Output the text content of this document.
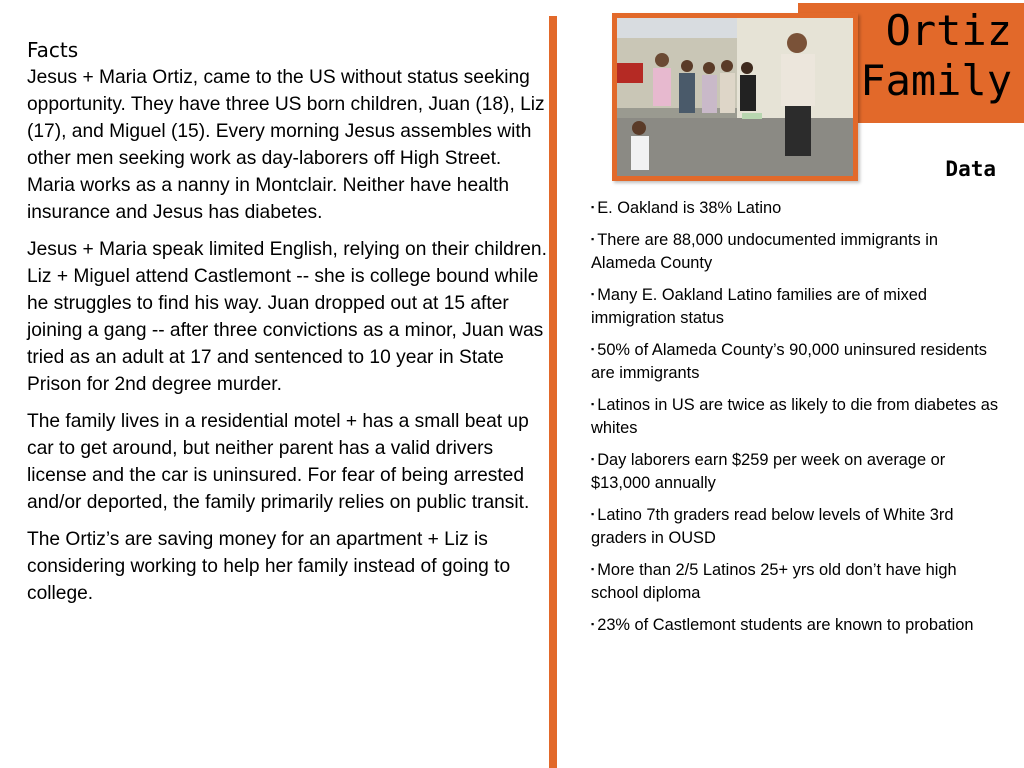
Facts

Jesus + Maria Ortiz, came to the US without status seeking opportunity. They have three US born children, Juan (18), Liz (17), and Miguel (15). Every morning Jesus assembles with other men seeking work as day-laborers off High Street. Maria works as a nanny in Montclair. Neither have health insurance and Jesus has diabetes.

Jesus + Maria speak limited English, relying on their children. Liz + Miguel attend Castlemont -- she is college bound while he struggles to find his way. Juan dropped out at 15 after joining a gang -- after three convictions as a minor, Juan was tried as an adult at 17 and sentenced to 10 year in State Prison for 2nd degree murder.

The family lives in a residential motel + has a small beat up car to get around, but neither parent has a valid drivers license and the car is uninsured. For fear of being arrested and/or deported, the family primarily relies on public transit.

The Ortiz’s are saving money for an apartment + Liz is considering working to help her family instead of going to college.

Ortiz
Family
Data
▪ E. Oakland is 38% Latino
▪ There are 88,000 undocumented immigrants in Alameda County
▪ Many E. Oakland Latino families are of mixed immigration status
▪ 50% of Alameda County’s 90,000 uninsured residents are immigrants
▪ Latinos in US are twice as likely to die from diabetes as whites
▪ Day laborers earn $259 per week on average or $13,000 annually
▪ Latino 7th graders read below levels of White 3rd graders in OUSD
▪ More than 2/5 Latinos 25+ yrs old don’t have high school diploma
▪ 23% of Castlemont students are known to probation
